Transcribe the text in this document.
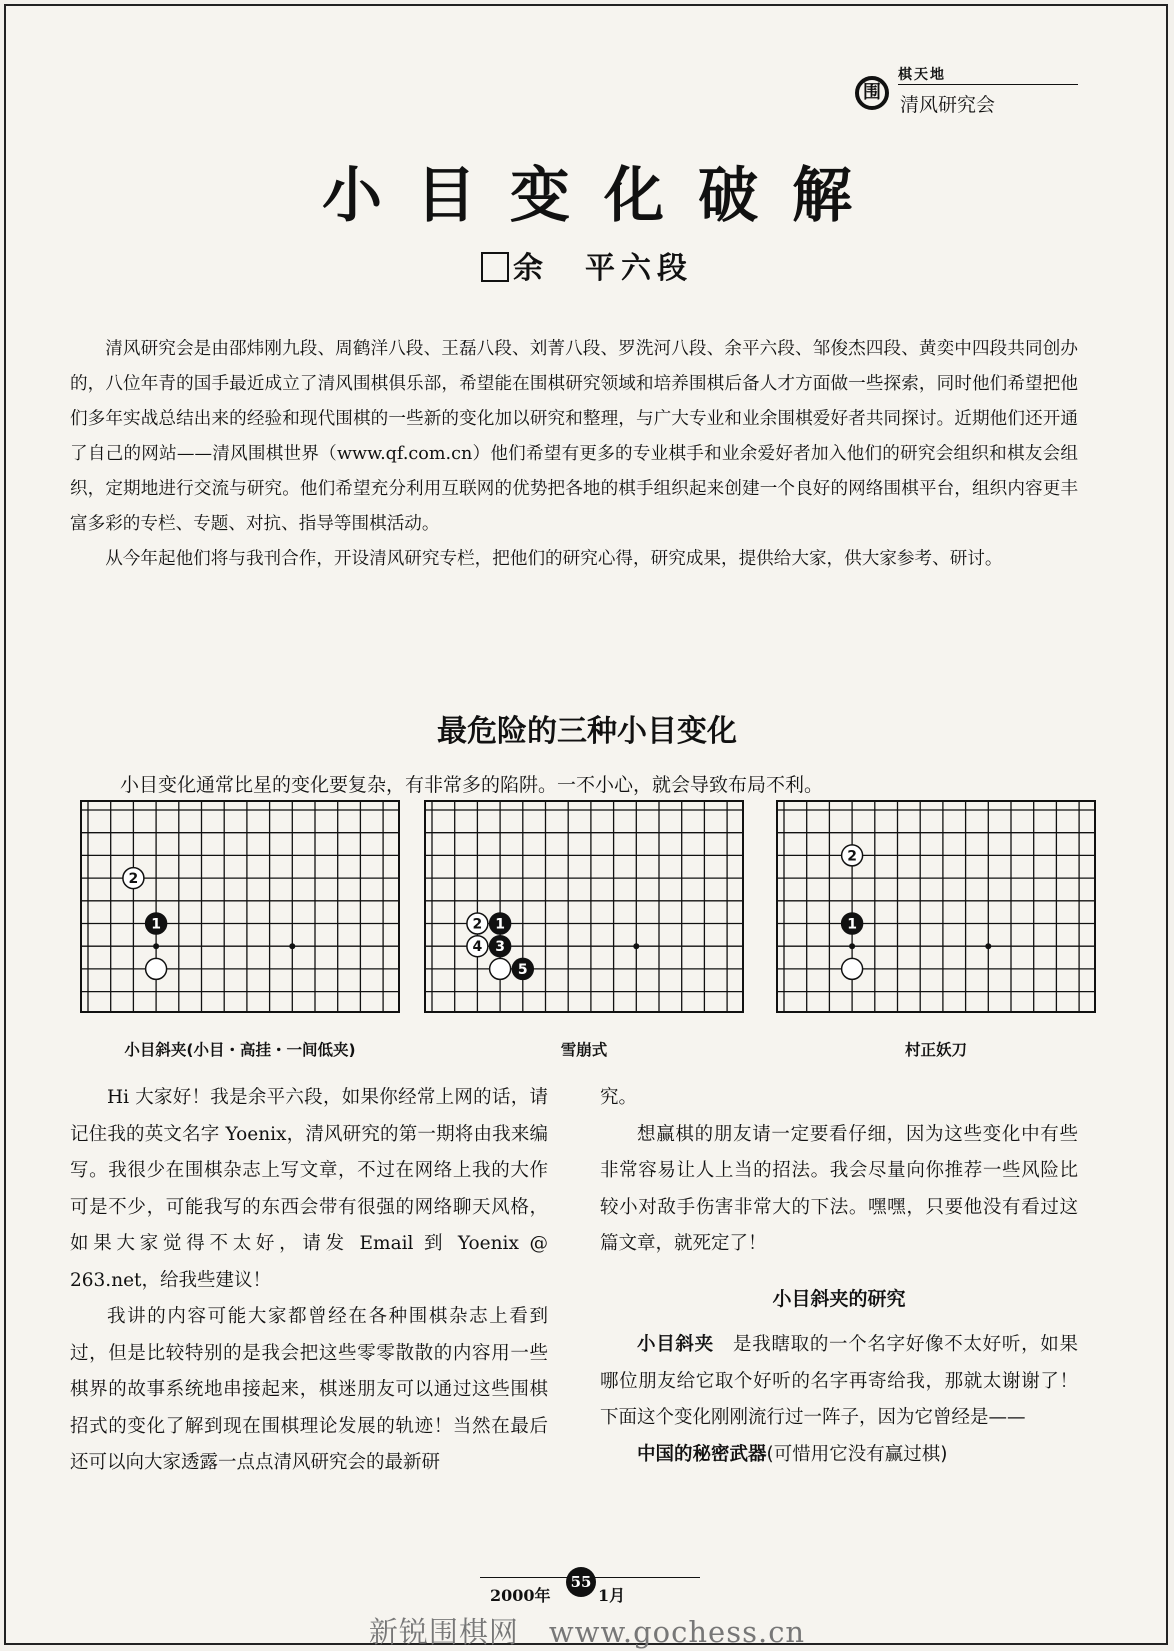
围
棋天地
清风研究会
小目变化破解
余　平六段

清风研究会是由邵炜刚九段、周鹤洋八段、王磊八段、刘菁八段、罗洗河八段、余平六段、邹俊杰四段、黄奕中四段共同创办的，八位年青的国手最近成立了清风围棋俱乐部，希望能在围棋研究领域和培养围棋后备人才方面做一些探索，同时他们希望把他们多年实战总结出来的经验和现代围棋的一些新的变化加以研究和整理，与广大专业和业余围棋爱好者共同探讨。近期他们还开通了自己的网站——清风围棋世界（www.qf.com.cn）他们希望有更多的专业棋手和业余爱好者加入他们的研究会组织和棋友会组织，定期地进行交流与研究。他们希望充分利用互联网的优势把各地的棋手组织起来创建一个良好的网络围棋平台，组织内容更丰富多彩的专栏、专题、对抗、指导等围棋活动。

从今年起他们将与我刊合作，开设清风研究专栏，把他们的研究心得，研究成果，提供给大家，供大家参考、研讨。

最危险的三种小目变化
小目变化通常比星的变化要复杂，有非常多的陷阱。一不小心，就会导致布局不利。
1
2
1
2
3
4
5
1
2
小目斜夹(小目・高挂・一间低夹)	雪崩式	村正妖刀

Hi 大家好！我是余平六段，如果你经常上网的话，请记住我的英文名字 Yoenix，清风研究的第一期将由我来编写。我很少在围棋杂志上写文章，不过在网络上我的大作可是不少，可能我写的东西会带有很强的网络聊天风格，如果大家觉得不太好，请发 Email 到 Yoenix @ 263.net，给我些建议！

我讲的内容可能大家都曾经在各种围棋杂志上看到过，但是比较特别的是我会把这些零零散散的内容用一些棋界的故事系统地串接起来，棋迷朋友可以通过这些围棋招式的变化了解到现在围棋理论发展的轨迹！当然在最后还可以向大家透露一点点清风研究会的最新研

究。

想赢棋的朋友请一定要看仔细，因为这些变化中有些非常容易让人上当的招法。我会尽量向你推荐一些风险比较小对敌手伤害非常大的下法。嘿嘿，只要他没有看过这篇文章，就死定了！

小目斜夹的研究

小目斜夹　是我瞎取的一个名字好像不太好听，如果哪位朋友给它取个好听的名字再寄给我，那就太谢谢了！下面这个变化刚刚流行过一阵子，因为它曾经是——

中国的秘密武器(可惜用它没有赢过棋)

2000年
55
1月
新锐围棋网　www.gochess.cn
